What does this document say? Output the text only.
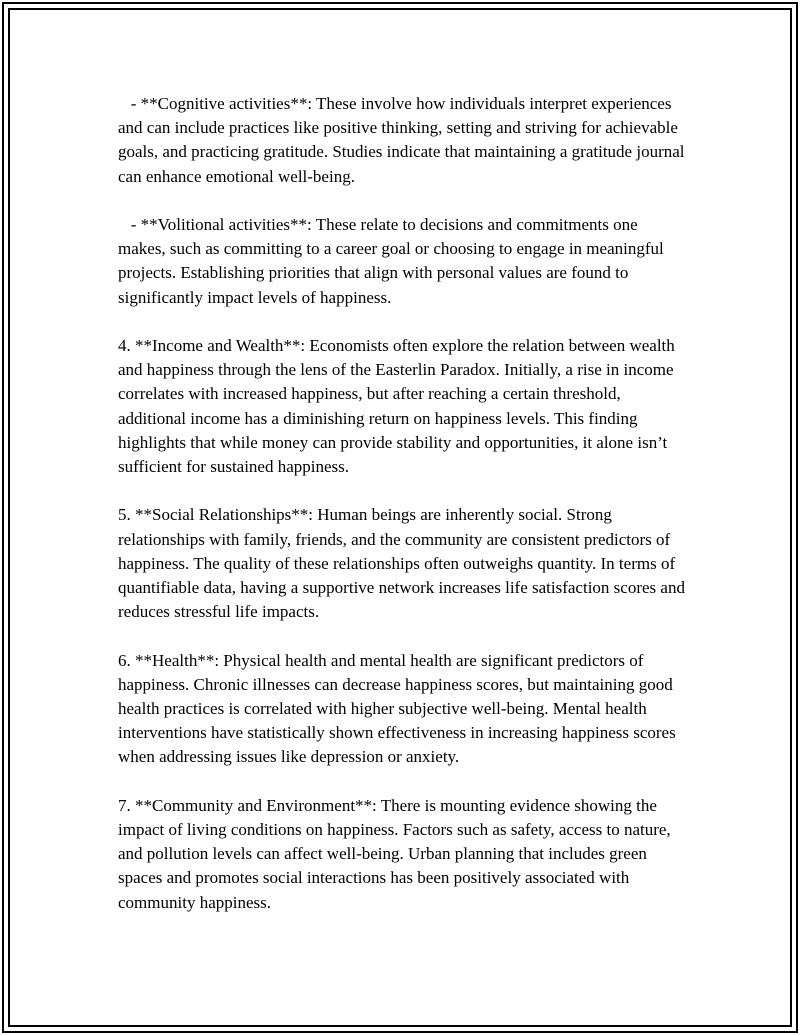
- **Cognitive activities**: These involve how individuals interpret experiences and can include practices like positive thinking, setting and striving for achievable goals, and practicing gratitude. Studies indicate that maintaining a gratitude journal can enhance emotional well-being.

- **Volitional activities**: These relate to decisions and commitments one makes, such as committing to a career goal or choosing to engage in meaningful projects. Establishing priorities that align with personal values are found to significantly impact levels of happiness.

4. **Income and Wealth**: Economists often explore the relation between wealth and happiness through the lens of the Easterlin Paradox. Initially, a rise in income correlates with increased happiness, but after reaching a certain threshold, additional income has a diminishing return on happiness levels. This finding highlights that while money can provide stability and opportunities, it alone isn’t sufficient for sustained happiness.

5. **Social Relationships**: Human beings are inherently social. Strong relationships with family, friends, and the community are consistent predictors of happiness. The quality of these relationships often outweighs quantity. In terms of quantifiable data, having a supportive network increases life satisfaction scores and reduces stressful life impacts.

6. **Health**: Physical health and mental health are significant predictors of happiness. Chronic illnesses can decrease happiness scores, but maintaining good health practices is correlated with higher subjective well-being. Mental health interventions have statistically shown effectiveness in increasing happiness scores when addressing issues like depression or anxiety.

7. **Community and Environment**: There is mounting evidence showing the impact of living conditions on happiness. Factors such as safety, access to nature, and pollution levels can affect well-being. Urban planning that includes green spaces and promotes social interactions has been positively associated with community happiness.
